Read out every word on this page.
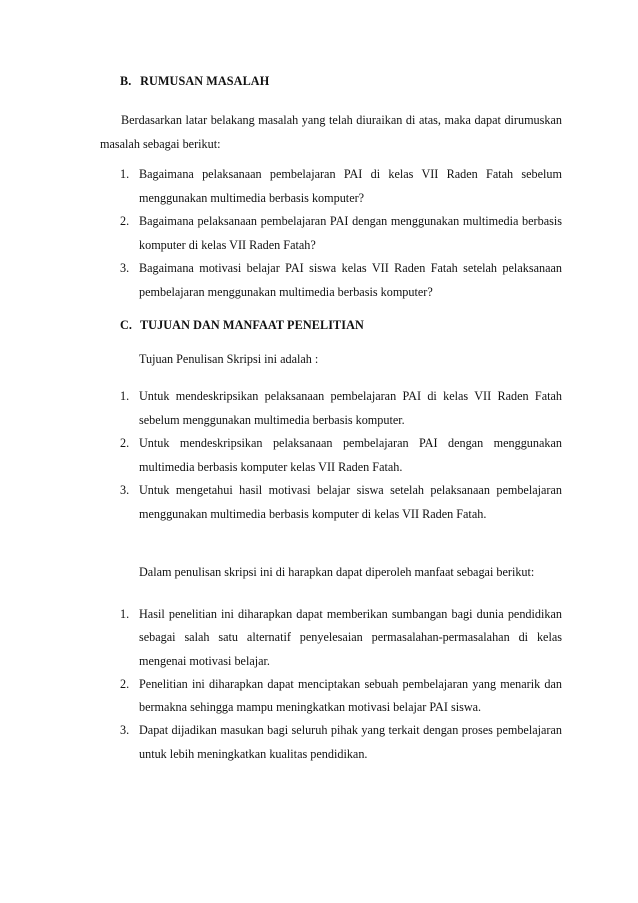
B. RUMUSAN MASALAH
Berdasarkan latar belakang masalah yang telah diuraikan di atas, maka dapat dirumuskan masalah sebagai berikut:
1. Bagaimana pelaksanaan pembelajaran PAI di kelas VII Raden Fatah sebelum menggunakan multimedia berbasis komputer?
2. Bagaimana pelaksanaan pembelajaran PAI dengan menggunakan multimedia berbasis komputer di kelas VII Raden Fatah?
3. Bagaimana motivasi belajar PAI siswa kelas VII Raden Fatah setelah pelaksanaan pembelajaran menggunakan multimedia berbasis komputer?
C. TUJUAN DAN MANFAAT PENELITIAN
Tujuan Penulisan Skripsi ini adalah :
1. Untuk mendeskripsikan pelaksanaan pembelajaran PAI di kelas VII Raden Fatah sebelum menggunakan multimedia berbasis komputer.
2. Untuk mendeskripsikan pelaksanaan pembelajaran PAI dengan menggunakan multimedia berbasis komputer kelas VII Raden Fatah.
3. Untuk mengetahui hasil motivasi belajar siswa setelah pelaksanaan pembelajaran menggunakan multimedia berbasis komputer di kelas VII Raden Fatah.
Dalam penulisan skripsi ini di harapkan dapat diperoleh manfaat sebagai berikut:
1. Hasil penelitian ini diharapkan dapat memberikan sumbangan bagi dunia pendidikan sebagai salah satu alternatif penyelesaian permasalahan-permasalahan di kelas mengenai motivasi belajar.
2. Penelitian ini diharapkan dapat menciptakan sebuah pembelajaran yang menarik dan bermakna sehingga mampu meningkatkan motivasi belajar PAI siswa.
3. Dapat dijadikan masukan bagi seluruh pihak yang terkait dengan proses pembelajaran untuk lebih meningkatkan kualitas pendidikan.
